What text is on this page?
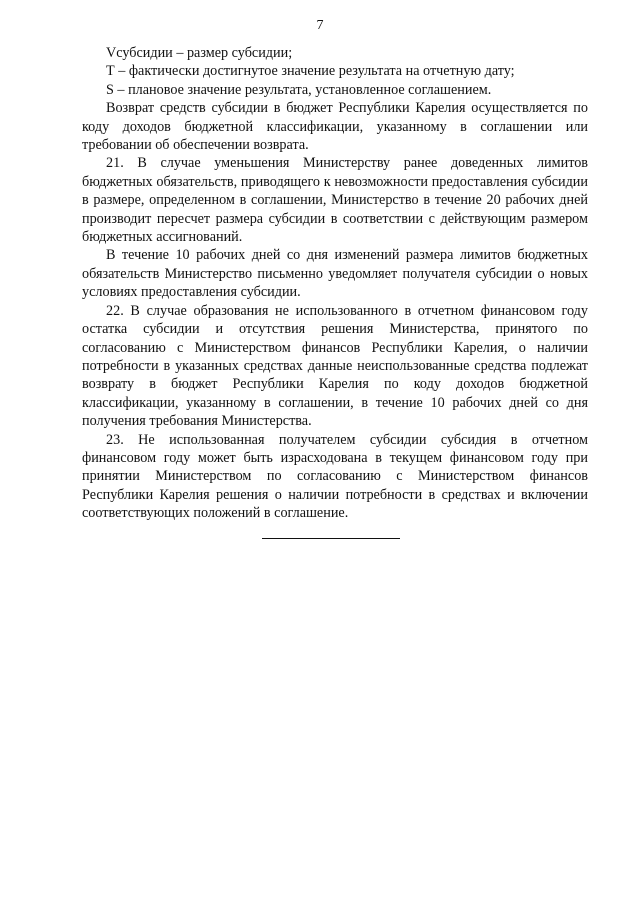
7

Vсубсидии – размер субсидии;

Т – фактически достигнутое значение результата на отчетную дату;

S – плановое значение результата, установленное соглашением.

Возврат средств субсидии в бюджет Республики Карелия осуществляется по коду доходов бюджетной классификации, указанному в соглашении или требовании об обеспечении возврата.

21. В случае уменьшения Министерству ранее доведенных лимитов бюджетных обязательств, приводящего к невозможности предоставления субсидии в размере, определенном в соглашении, Министерство в течение 20 рабочих дней производит пересчет размера субсидии в соответствии с действующим размером бюджетных ассигнований.

В течение 10 рабочих дней со дня изменений размера лимитов бюджетных обязательств Министерство письменно уведомляет получателя субсидии о новых условиях предоставления субсидии.

22. В случае образования не использованного в отчетном финансовом году остатка субсидии и отсутствия решения Министерства, принятого по согласованию с Министерством финансов Республики Карелия, о наличии потребности в указанных средствах данные неиспользованные средства подлежат возврату в бюджет Республики Карелия по коду доходов бюджетной классификации, указанному в соглашении, в течение 10 рабочих дней со дня получения требования Министерства.

23. Не использованная получателем субсидии субсидия в отчетном финансовом году может быть израсходована в текущем финансовом году при принятии Министерством по согласованию с Министерством финансов Республики Карелия решения о наличии потребности в средствах и включении соответствующих положений в соглашение.
